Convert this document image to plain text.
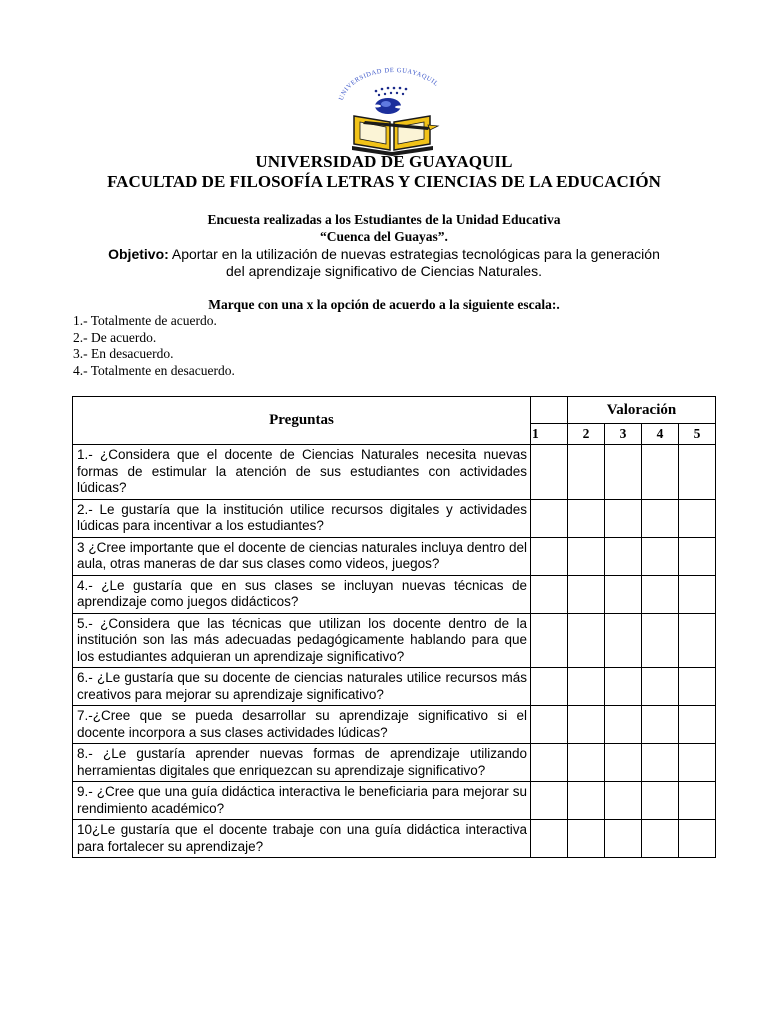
UNIVERSIDAD DE GUAYAQUIL
UNIVERSIDAD DE GUAYAQUIL
FACULTAD DE FILOSOFÍA LETRAS Y CIENCIAS DE LA EDUCACIÓN
Encuesta realizadas a los Estudiantes de la Unidad Educativa
“Cuenca del Guayas”.
Objetivo: Aportar en la utilización de nuevas estrategias tecnológicas para la generación
del aprendizaje significativo de Ciencias Naturales.
Marque con una x la opción de acuerdo a la siguiente escala:.
1.- Totalmente de acuerdo.
2.- De acuerdo.
3.- En desacuerdo.
4.- Totalmente en desacuerdo.
Preguntas		Valoración			
	1	2	3	4	5
1.- ¿Considera que el docente de Ciencias Naturales necesita nuevas formas de estimular la atención de sus estudiantes con actividades lúdicas?					
2.- Le gustaría que la institución utilice recursos digitales y actividades lúdicas para incentivar a los estudiantes?					
3 ¿Cree importante que el docente de ciencias naturales incluya dentro del aula, otras maneras de dar sus clases como videos, juegos?					
4.- ¿Le gustaría que en sus clases se incluyan nuevas técnicas de aprendizaje como juegos didácticos?					
5.- ¿Considera que las técnicas que utilizan los docente dentro de la institución son las más adecuadas pedagógicamente hablando para que los estudiantes adquieran un aprendizaje significativo?					
6.- ¿Le gustaría que su docente de ciencias naturales utilice recursos más creativos para mejorar su aprendizaje significativo?					
7.-¿Cree que se pueda desarrollar su aprendizaje significativo si el docente incorpora a sus clases actividades lúdicas?					
8.- ¿Le gustaría aprender nuevas formas de aprendizaje utilizando herramientas digitales que enriquezcan su aprendizaje significativo?					
9.- ¿Cree que una guía didáctica interactiva le beneficiaria para mejorar su rendimiento académico?					
10¿Le gustaría que el docente trabaje con una guía didáctica interactiva para fortalecer su aprendizaje?					
